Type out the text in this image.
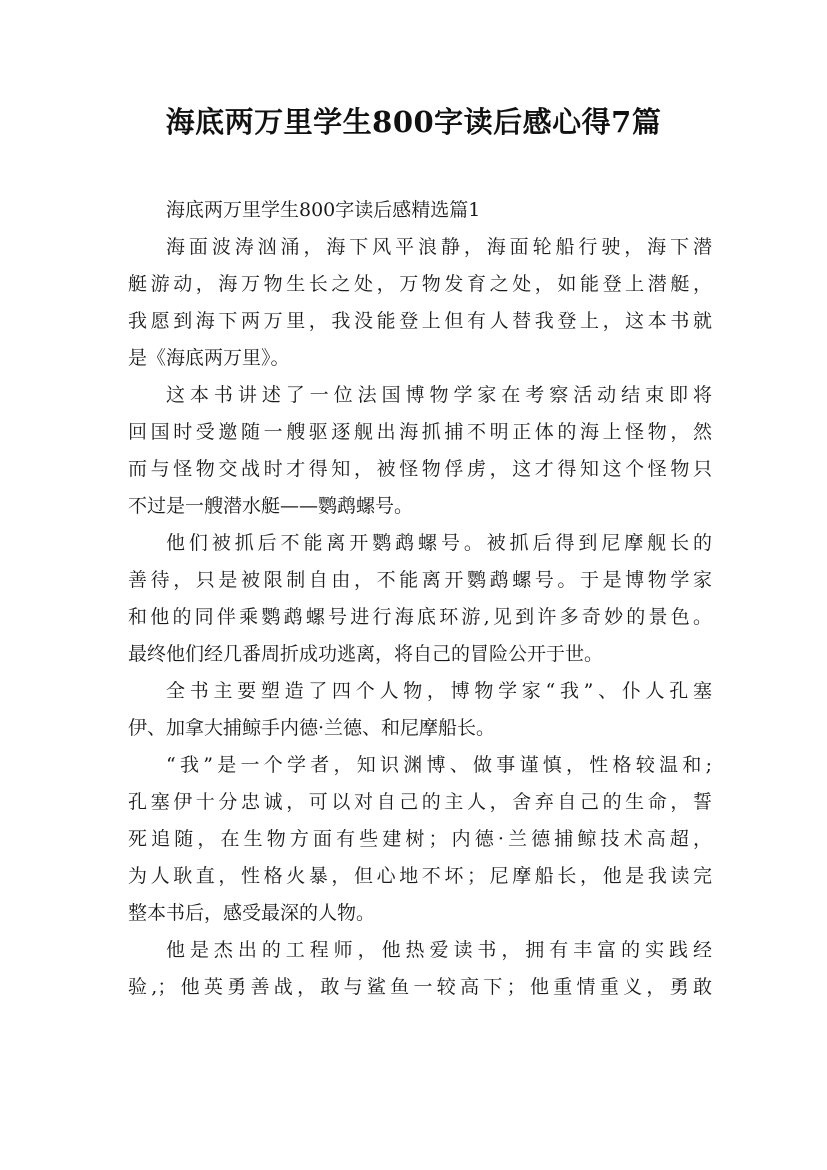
海底两万里学生800字读后感心得7篇
海底两万里学生800字读后感精选篇1
海面波涛汹涌，海下风平浪静，海面轮船行驶，海下潜
艇游动，海万物生长之处，万物发育之处，如能登上潜艇，
我愿到海下两万里，我没能登上但有人替我登上，这本书就
是《海底两万里》。
这本书讲述了一位法国博物学家在考察活动结束即将
回国时受邀随一艘驱逐舰出海抓捕不明正体的海上怪物，然
而与怪物交战时才得知，被怪物俘虏，这才得知这个怪物只
不过是一艘潜水艇——鹦鹉螺号。
他们被抓后不能离开鹦鹉螺号。被抓后得到尼摩舰长的
善待，只是被限制自由，不能离开鹦鹉螺号。于是博物学家
和他的同伴乘鹦鹉螺号进行海底环游,见到许多奇妙的景色。
最终他们经几番周折成功逃离，将自己的冒险公开于世。
全书主要塑造了四个人物，博物学家“我”、仆人孔塞
伊、加拿大捕鲸手内德·兰德、和尼摩船长。
“我”是一个学者，知识渊博、做事谨慎，性格较温和;
孔塞伊十分忠诚，可以对自己的主人，舍弃自己的生命，誓
死追随，在生物方面有些建树；内德·兰德捕鲸技术高超，
为人耿直，性格火暴，但心地不坏；尼摩船长，他是我读完
整本书后，感受最深的人物。
他是杰出的工程师，他热爱读书，拥有丰富的实践经
验,；他英勇善战，敢与鲨鱼一较高下；他重情重义，勇敢
